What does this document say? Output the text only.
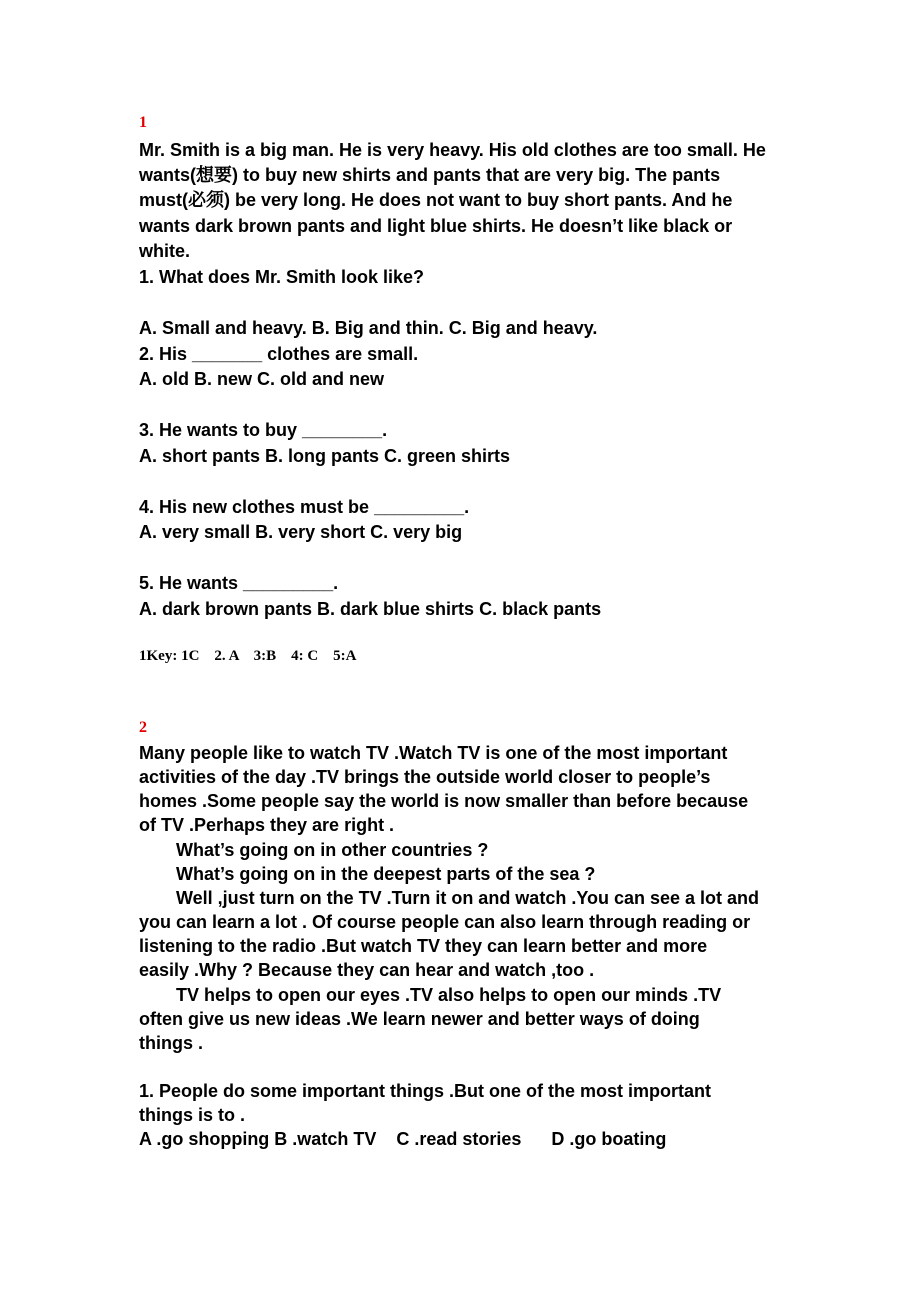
1
Mr. Smith is a big man. He is very heavy. His old clothes are too small. He
wants(想要) to buy new shirts and pants that are very big. The pants
must(必须) be very long. He does not want to buy short pants. And he
wants dark brown pants and light blue shirts. He doesn’t like black or
white.
1. What does Mr. Smith look like?
A. Small and heavy. B. Big and thin. C. Big and heavy.
2. His _______ clothes are small.
A. old B. new C. old and new
3. He wants to buy ________.
A. short pants B. long pants C. green shirts
4. His new clothes must be _________.
A. very small B. very short C. very big
5. He wants _________.
A. dark brown pants B. dark blue shirts C. black pants
1Key: 1C    2. A    3:B    4: C    5:A
2
Many people like to watch TV .Watch TV is one of the most important
activities of the day .TV brings the outside world closer to people’s
homes .Some people say the world is now smaller than before because
of TV .Perhaps they are right .
What’s going on in other countries ?
What’s going on in the deepest parts of the sea ?
Well ,just turn on the TV .Turn it on and watch .You can see a lot and
you can learn a lot . Of course people can also learn through reading or
listening to the radio .But watch TV they can learn better and more
easily .Why ? Because they can hear and watch ,too .
TV helps to open our eyes .TV also helps to open our minds .TV
often give us new ideas .We learn newer and better ways of doing
things .
1. People do some important things .But one of the most important
things is to .
A .go shopping B .watch TV    C .read stories      D .go boating
